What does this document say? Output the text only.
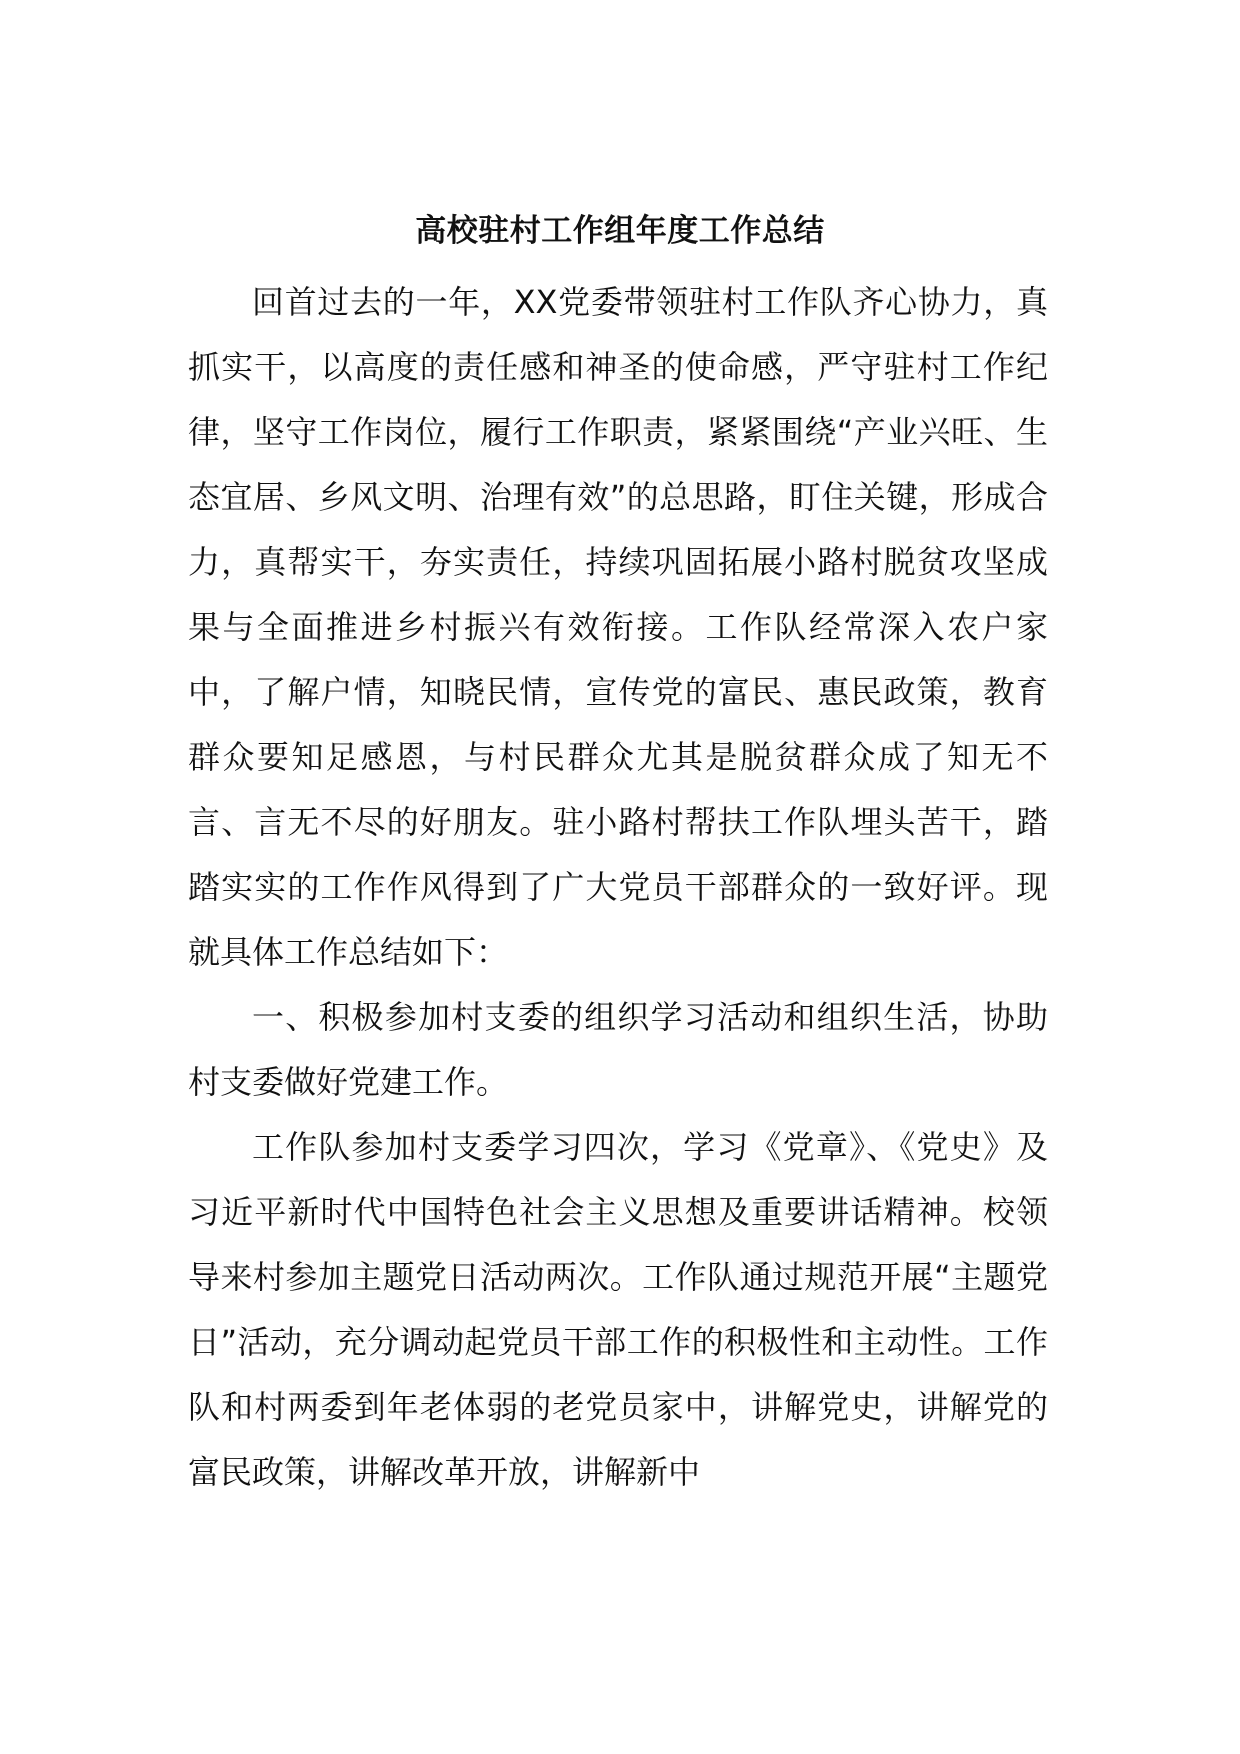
高校驻村工作组年度工作总结

回首过去的一年，XX党委带领驻村工作队齐心协力，真抓实干，以高度的责任感和神圣的使命感，严守驻村工作纪律，坚守工作岗位，履行工作职责，紧紧围绕“产业兴旺、生态宜居、乡风文明、治理有效”的总思路，盯住关键，形成合力，真帮实干，夯实责任，持续巩固拓展小路村脱贫攻坚成果与全面推进乡村振兴有效衔接。工作队经常深入农户家中，了解户情，知晓民情，宣传党的富民、惠民政策，教育群众要知足感恩，与村民群众尤其是脱贫群众成了知无不言、言无不尽的好朋友。驻小路村帮扶工作队埋头苦干，踏踏实实的工作作风得到了广大党员干部群众的一致好评。现就具体工作总结如下：

一、积极参加村支委的组织学习活动和组织生活，协助村支委做好党建工作。

工作队参加村支委学习四次，学习《党章》、《党史》及习近平新时代中国特色社会主义思想及重要讲话精神。校领导来村参加主题党日活动两次。工作队通过规范开展“主题党日”活动，充分调动起党员干部工作的积极性和主动性。工作队和村两委到年老体弱的老党员家中，讲解党史，讲解党的富民政策，讲解改革开放，讲解新中
